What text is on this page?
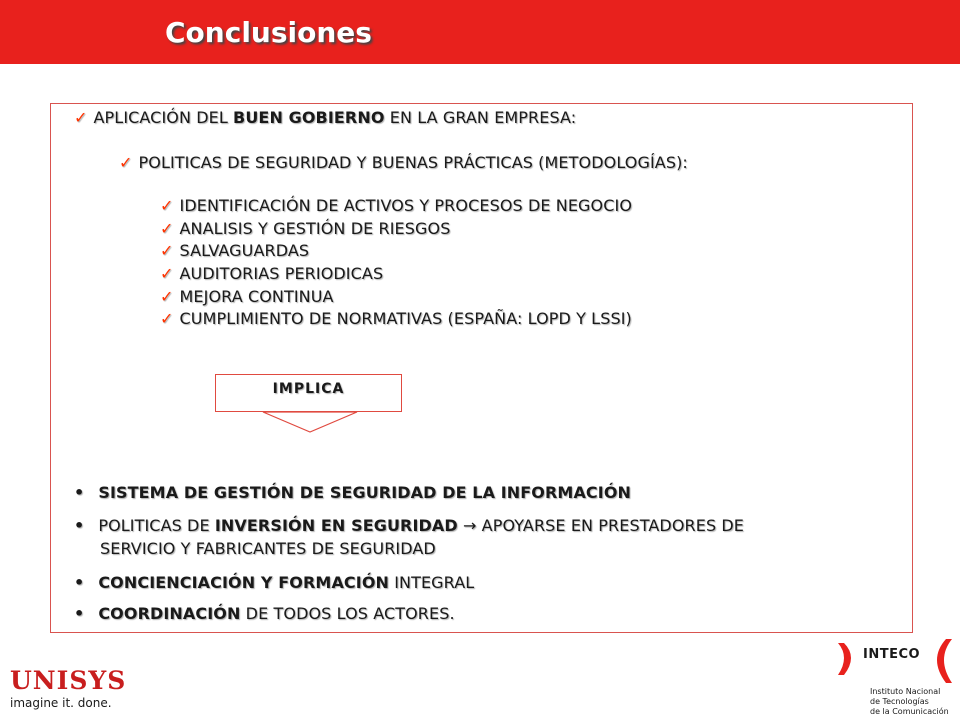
Conclusiones
✓ APLICACIÓN DEL BUEN GOBIERNO EN LA GRAN EMPRESA:
✓ POLITICAS DE SEGURIDAD Y BUENAS PRÁCTICAS (METODOLOGÍAS):
✓ IDENTIFICACIÓN DE ACTIVOS Y PROCESOS DE NEGOCIO
✓ ANALISIS Y GESTIÓN DE RIESGOS
✓ SALVAGUARDAS
✓ AUDITORIAS PERIODICAS
✓ MEJORA CONTINUA
✓ CUMPLIMIENTO DE NORMATIVAS (ESPAÑA: LOPD Y LSSI)
IMPLICA
• SISTEMA DE GESTIÓN DE SEGURIDAD DE LA INFORMACIÓN
• POLITICAS DE INVERSIÓN EN SEGURIDAD → APOYARSE EN PRESTADORES DE
SERVICIO Y FABRICANTES DE SEGURIDAD
• CONCIENCIACIÓN Y FORMACIÓN INTEGRAL
• COORDINACIÓN DE TODOS LOS ACTORES.
UNISYS
imagine it. done.
INTECO
Instituto Nacional
de Tecnologías
de la Comunicación
